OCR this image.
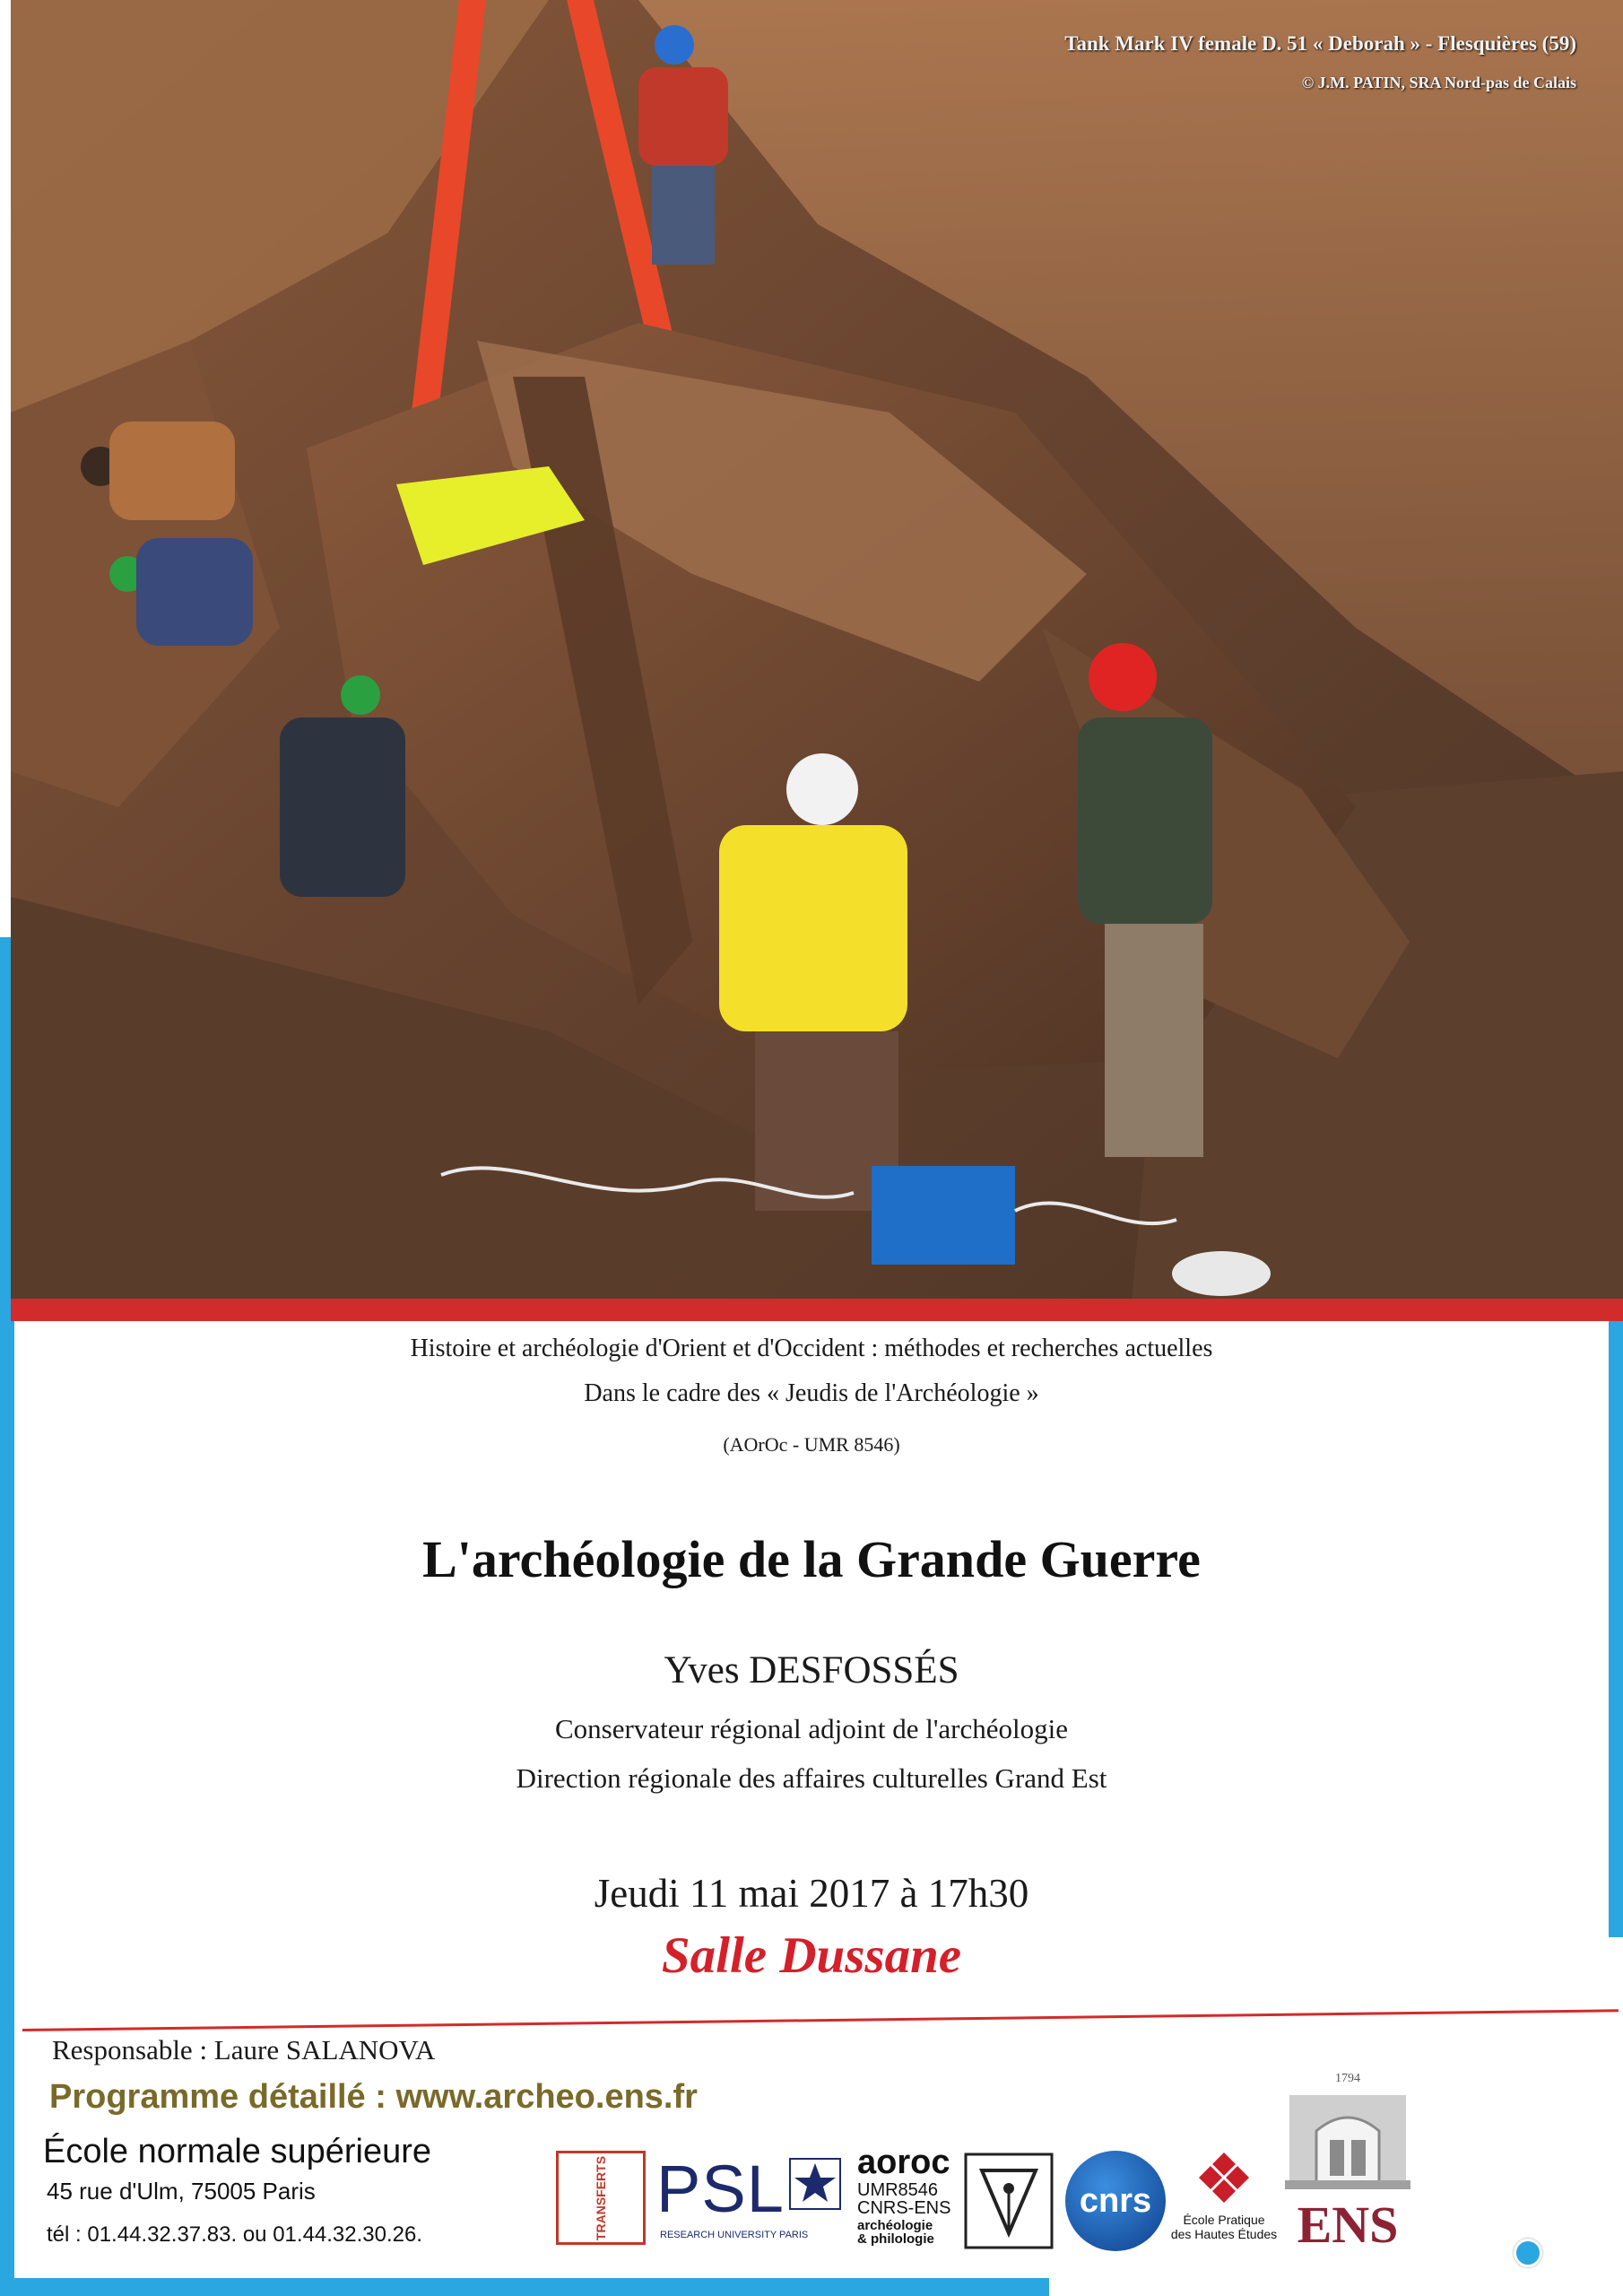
Tank Mark IV female D. 51 « Deborah » - Flesquières (59)
© J.M. PATIN, SRA Nord-pas de Calais
Histoire et archéologie d'Orient et d'Occident : méthodes et recherches actuelles
Dans le cadre des « Jeudis de l'Archéologie »
(AOrOc - UMR 8546)
L'archéologie de la Grande Guerre
Yves DESFOSSÉS
Conservateur régional adjoint de l'archéologie
Direction régionale des affaires culturelles Grand Est
Jeudi 11 mai 2017 à 17h30
Salle Dussane
Responsable : Laure SALANOVA
Programme détaillé : www.archeo.ens.fr
École normale supérieure
45 rue d'Ulm, 75005 Paris
tél : 01.44.32.37.83. ou 01.44.32.30.26.	TRANSFERTS PSL
RESEARCH UNIVERSITY PARIS
aoroc
UMR8546
CNRS-ENS
archéologie
& philologie
cnrs
École Pratique
des Hautes Études
1794
ENS
